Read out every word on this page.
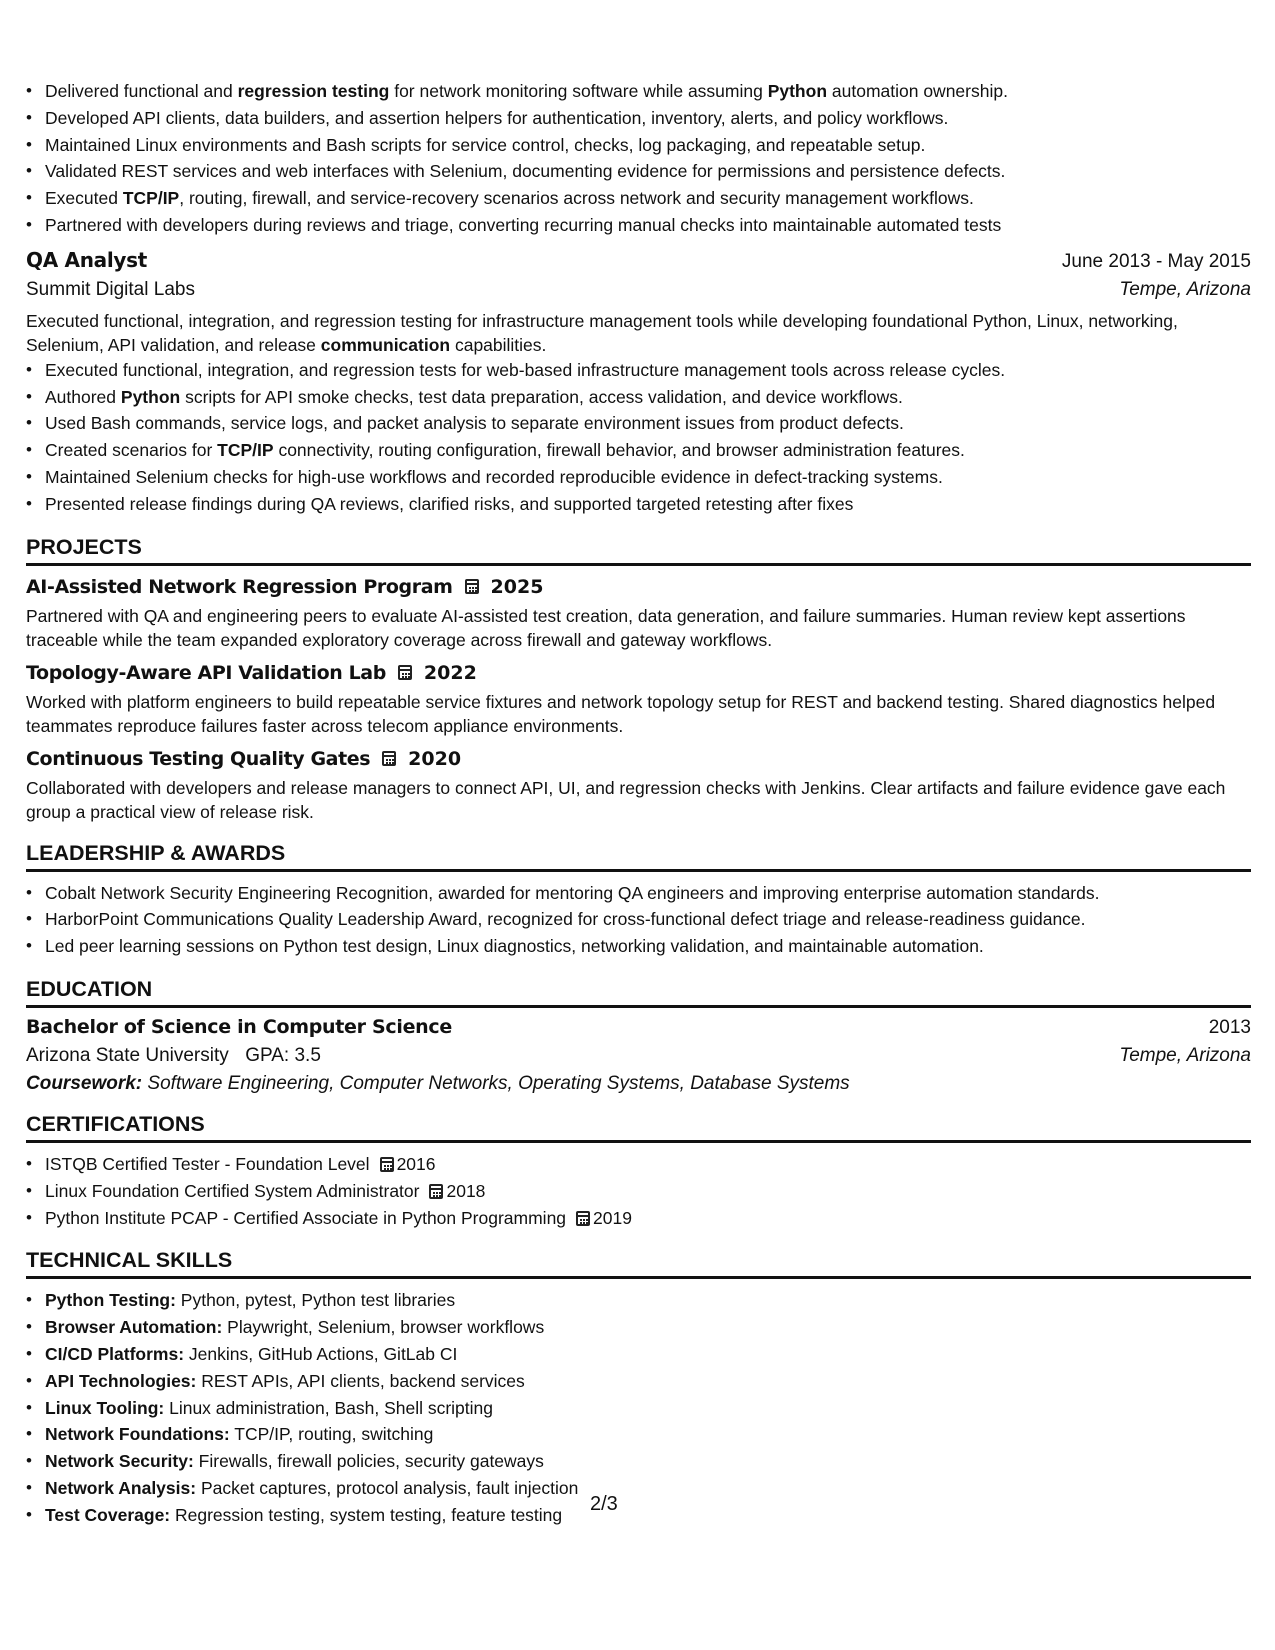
• Delivered functional and regression testing for network monitoring software while assuming Python automation ownership.
• Developed API clients, data builders, and assertion helpers for authentication, inventory, alerts, and policy workflows.
• Maintained Linux environments and Bash scripts for service control, checks, log packaging, and repeatable setup.
• Validated REST services and web interfaces with Selenium, documenting evidence for permissions and persistence defects.
• Executed TCP/IP, routing, firewall, and service-recovery scenarios across network and security management workflows.
• Partnered with developers during reviews and triage, converting recurring manual checks into maintainable automated tests
QA Analyst	June 2013 - May 2015
Summit Digital Labs	Tempe, Arizona
Executed functional, integration, and regression testing for infrastructure management tools while developing foundational Python, Linux, networking, Selenium, API validation, and release communication capabilities.
• Executed functional, integration, and regression tests for web-based infrastructure management tools across release cycles.
• Authored Python scripts for API smoke checks, test data preparation, access validation, and device workflows.
• Used Bash commands, service logs, and packet analysis to separate environment issues from product defects.
• Created scenarios for TCP/IP connectivity, routing configuration, firewall behavior, and browser administration features.
• Maintained Selenium checks for high-use workflows and recorded reproducible evidence in defect-tracking systems.
• Presented release findings during QA reviews, clarified risks, and supported targeted retesting after fixes
PROJECTS
AI-Assisted Network Regression Program 2025
Partnered with QA and engineering peers to evaluate AI-assisted test creation, data generation, and failure summaries. Human review kept assertions traceable while the team expanded exploratory coverage across firewall and gateway workflows.
Topology-Aware API Validation Lab 2022
Worked with platform engineers to build repeatable service fixtures and network topology setup for REST and backend testing. Shared diagnostics helped teammates reproduce failures faster across telecom appliance environments.
Continuous Testing Quality Gates 2020
Collaborated with developers and release managers to connect API, UI, and regression checks with Jenkins. Clear artifacts and failure evidence gave each group a practical view of release risk.
LEADERSHIP & AWARDS
• Cobalt Network Security Engineering Recognition, awarded for mentoring QA engineers and improving enterprise automation standards.
• HarborPoint Communications Quality Leadership Award, recognized for cross-functional defect triage and release-readiness guidance.
• Led peer learning sessions on Python test design, Linux diagnostics, networking validation, and maintainable automation.
EDUCATION
Bachelor of Science in Computer Science	2013
Arizona State University GPA: 3.5	Tempe, Arizona
Coursework: Software Engineering, Computer Networks, Operating Systems, Database Systems
CERTIFICATIONS
• ISTQB Certified Tester - Foundation Level 2016
• Linux Foundation Certified System Administrator 2018
• Python Institute PCAP - Certified Associate in Python Programming 2019
TECHNICAL SKILLS
• Python Testing: Python, pytest, Python test libraries
• Browser Automation: Playwright, Selenium, browser workflows
• CI/CD Platforms: Jenkins, GitHub Actions, GitLab CI
• API Technologies: REST APIs, API clients, backend services
• Linux Tooling: Linux administration, Bash, Shell scripting
• Network Foundations: TCP/IP, routing, switching
• Network Security: Firewalls, firewall policies, security gateways
• Network Analysis: Packet captures, protocol analysis, fault injection
• Test Coverage: Regression testing, system testing, feature testing	2/3
